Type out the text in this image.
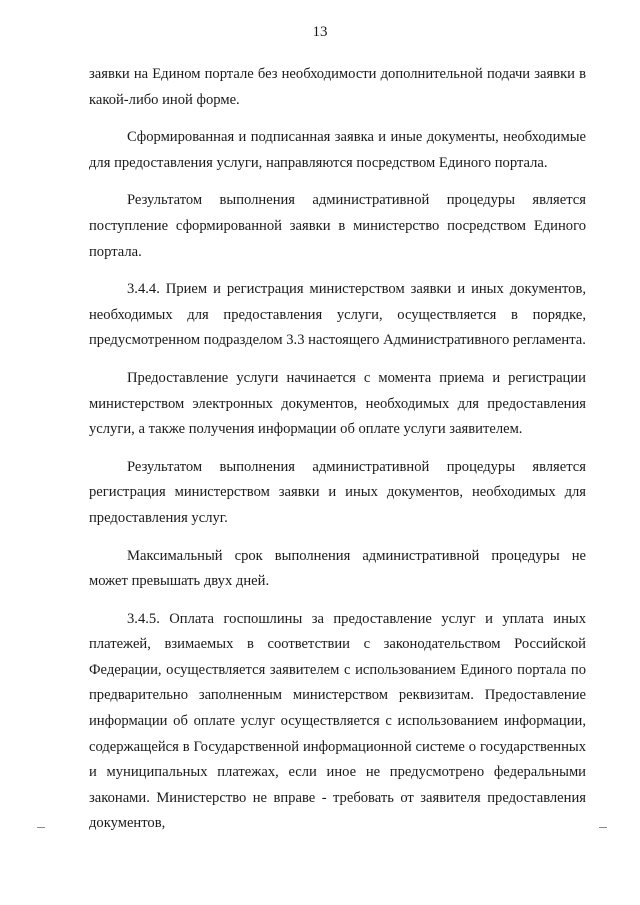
13

заявки на Едином портале без необходимости дополнительной подачи заявки в какой-либо иной форме.

Сформированная и подписанная заявка и иные документы, необходимые для предоставления услуги, направляются посредством Единого портала.

Результатом выполнения административной процедуры является поступление сформированной заявки в министерство посредством Единого портала.

3.4.4. Прием и регистрация министерством заявки и иных документов, необходимых для предоставления услуги, осуществляется в порядке, предусмотренном подразделом 3.3 настоящего Административного регламента.

Предоставление услуги начинается с момента приема и регистрации министерством электронных документов, необходимых для предоставления услуги, а также получения информации об оплате услуги заявителем.

Результатом выполнения административной процедуры является регистрация министерством заявки и иных документов, необходимых для предоставления услуг.

Максимальный срок выполнения административной процедуры не может превышать двух дней.

3.4.5. Оплата госпошлины за предоставление услуг и уплата иных платежей, взимаемых в соответствии с законодательством Российской Федерации, осуществляется заявителем с использованием Единого портала по предварительно заполненным министерством реквизитам. Предоставление информации об оплате услуг осуществляется с использованием информации, содержащейся в Государственной информационной системе о государственных и муниципальных платежах, если иное не предусмотрено федеральными законами. Министерство не вправе - требовать от заявителя предоставления документов,
